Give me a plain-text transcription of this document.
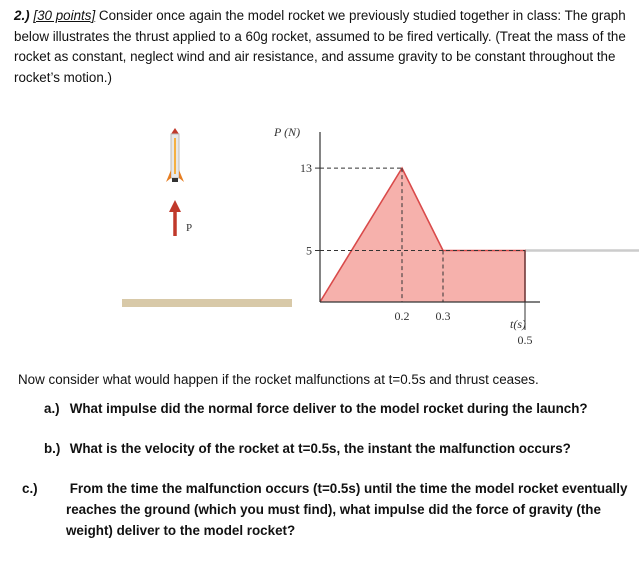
2.) [30 points] Consider once again the model rocket we previously studied together in class: The graph below illustrates the thrust applied to a 60g rocket, assumed to be fired vertically. (Treat the mass of the rocket as constant, neglect wind and air resistance, and assume gravity to be constant throughout the rocket’s motion.)

P
13
5
0.2 0.3
0.5
P (N)
t(s)

Now consider what would happen if the rocket malfunctions at t=0.5s and thrust ceases.

a.) What impulse did the normal force deliver to the model rocket during the launch?
b.) What is the velocity of the rocket at t=0.5s, the instant the malfunction occurs?
c.) From the time the malfunction occurs (t=0.5s) until the time the model rocket eventually reaches the ground (which you must find), what impulse did the force of gravity (the weight) deliver to the model rocket?
